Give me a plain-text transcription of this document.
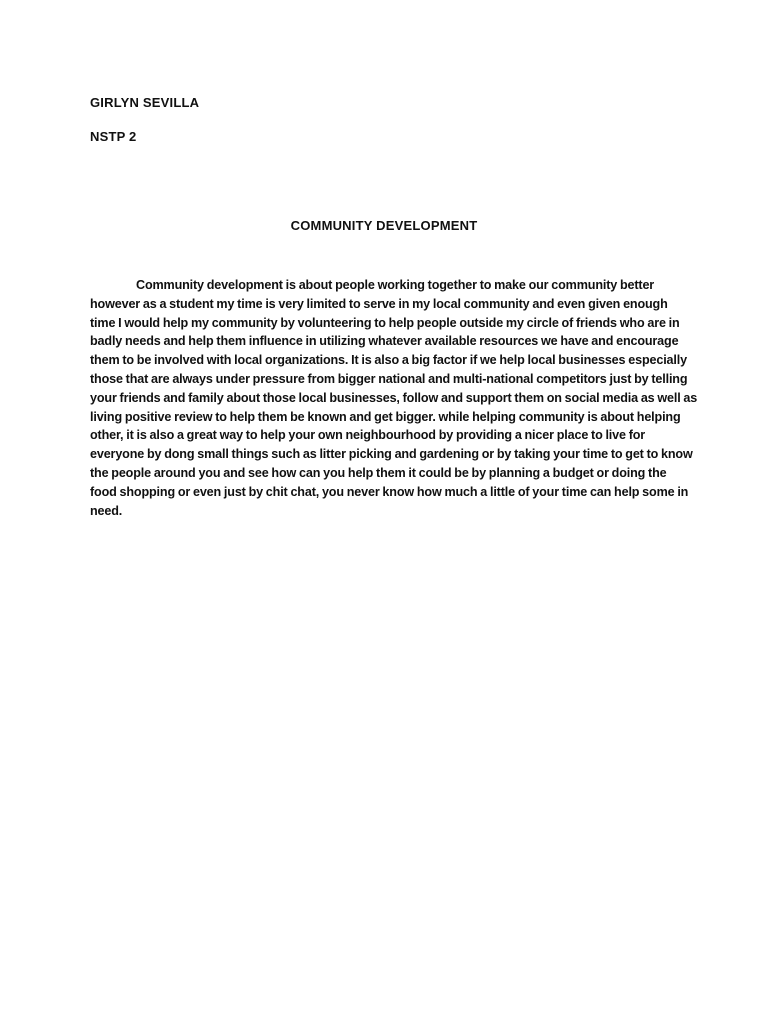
GIRLYN SEVILLA
NSTP 2
COMMUNITY DEVELOPMENT
Community development is about people working together to make our community better
however as a student my time is very limited to serve in my local community and even given enough
time I would help my community by volunteering to help people outside my circle of friends who are in
badly needs and help them influence in utilizing whatever available resources we have and encourage
them to be involved with local organizations. It is also a big factor if we help local businesses especially
those that are always under pressure from bigger national and multi-national competitors just by telling
your friends and family about those local businesses, follow and support them on social media as well as
living positive review to help them be known and get bigger. while helping community is about helping
other, it is also a great way to help your own neighbourhood by providing a nicer place to live for
everyone by dong small things such as litter picking and gardening or by taking your time to get to know
the people around you and see how can you help them it could be by planning a budget or doing the
food shopping or even just by chit chat, you never know how much a little of your time can help some in
need.
